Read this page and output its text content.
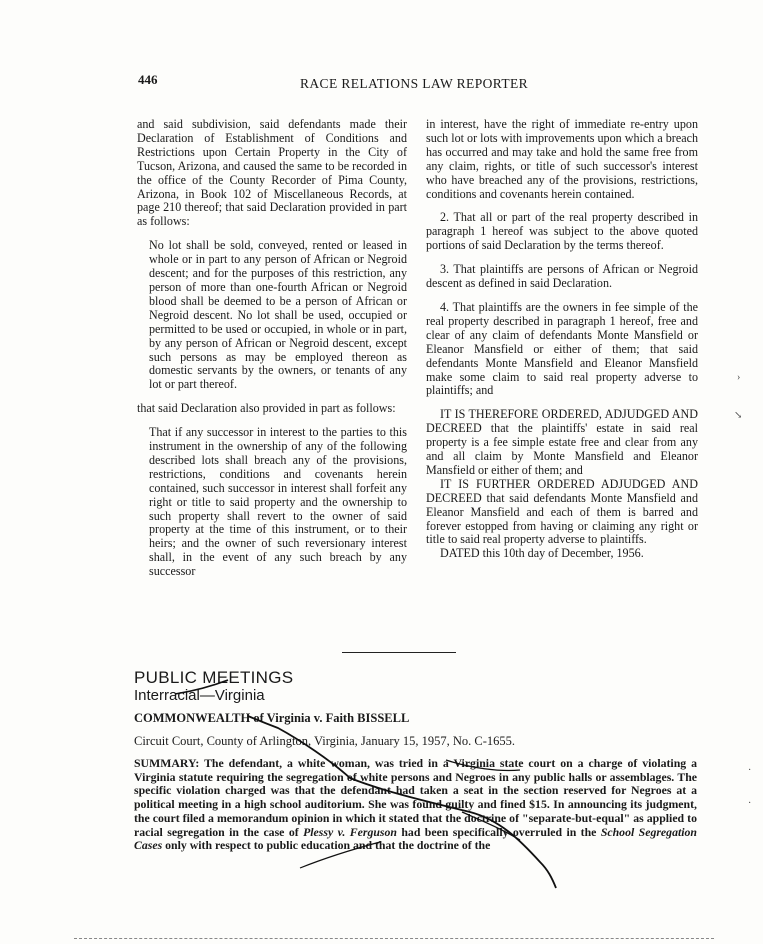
446	RACE RELATIONS LAW REPORTER

and said subdivision, said defendants made their Declaration of Establishment of Conditions and Restrictions upon Certain Property in the City of Tucson, Arizona, and caused the same to be recorded in the office of the County Recorder of Pima County, Arizona, in Book 102 of Miscellaneous Records, at page 210 thereof; that said Declaration provided in part as follows:

No lot shall be sold, conveyed, rented or leased in whole or in part to any person of African or Negroid descent; and for the purposes of this restriction, any person of more than one-fourth African or Negroid blood shall be deemed to be a person of African or Negroid descent. No lot shall be used, occupied or permitted to be used or occupied, in whole or in part, by any person of African or Negroid descent, except such persons as may be employed thereon as domestic servants by the owners, or tenants of any lot or part thereof.

that said Declaration also provided in part as follows:

That if any successor in interest to the parties to this instrument in the ownership of any of the following described lots shall breach any of the provisions, restrictions, conditions and covenants herein contained, such successor in interest shall forfeit any right or title to said property and the ownership to such property shall revert to the owner of said property at the time of this instrument, or to their heirs; and the owner of such reversionary interest shall, in the event of any such breach by any successor

in interest, have the right of immediate re-entry upon such lot or lots with improvements upon which a breach has occurred and may take and hold the same free from any claim, rights, or title of such successor's interest who have breached any of the provisions, restrictions, conditions and covenants herein contained.

2. That all or part of the real property described in paragraph 1 hereof was subject to the above quoted portions of said Declaration by the terms thereof.

3. That plaintiffs are persons of African or Negroid descent as defined in said Declaration.

4. That plaintiffs are the owners in fee simple of the real property described in paragraph 1 hereof, free and clear of any claim of defendants Monte Mansfield or Eleanor Mansfield or either of them; that said defendants Monte Mansfield and Eleanor Mansfield make some claim to said real property adverse to plaintiffs; and

IT IS THEREFORE ORDERED, ADJUDGED AND DECREED that the plaintiffs' estate in said real property is a fee simple estate free and clear from any and all claim by Monte Mansfield and Eleanor Mansfield or either of them; and

IT IS FURTHER ORDERED ADJUDGED AND DECREED that said defendants Monte Mansfield and Eleanor Mansfield and each of them is barred and forever estopped from having or claiming any right or title to said real property adverse to plaintiffs.

DATED this 10th day of December, 1956.

PUBLIC MEETINGS
Interracial—Virginia
COMMONWEALTH of Virginia v. Faith BISSELL
Circuit Court, County of Arlington, Virginia, January 15, 1957, No. C-1655.
SUMMARY: The defendant, a white woman, was tried in a Virginia state court on a charge of violating a Virginia statute requiring the segregation of white persons and Negroes in any public halls or assemblages. The specific violation charged was that the defendant had taken a seat in the section reserved for Negroes at a political meeting in a high school auditorium. She was found guilty and fined $15. In announcing its judgment, the court filed a memorandum opinion in which it stated that the doctrine of "separate-but-equal" as applied to racial segregation in the case of Plessy v. Ferguson had been specifically overruled in the School Segregation Cases only with respect to public education and that the doctrine of the
›
↘
·
·
